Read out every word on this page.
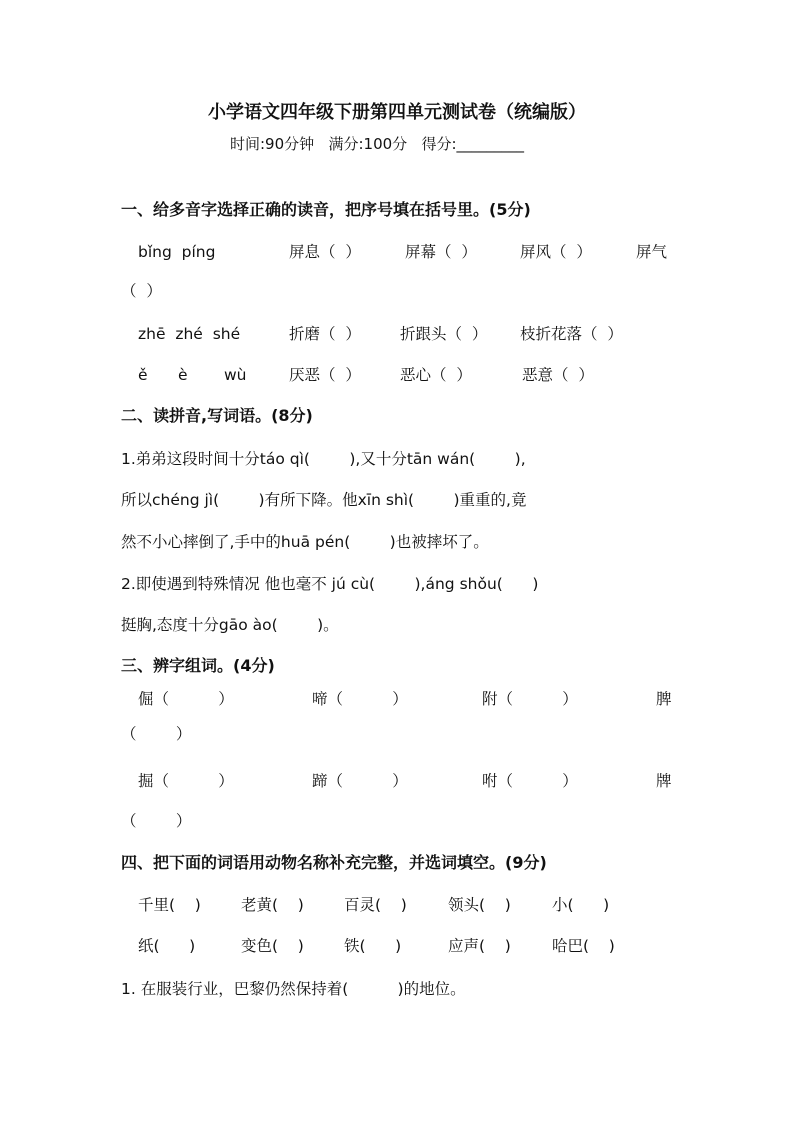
小学语文四年级下册第四单元测试卷（统编版）
时间:90分钟 满分:100分 得分:_________
一、给多音字选择正确的读音，把序号填在括号里。(5分)
bǐng  píng	屏息（  ）	屏幕（  ）	屏风（  ）	屏气
（  ）
zhē  zhé  shé	折磨（  ）	折跟头（  ） 枝折花落（  ）
ě è wù	厌恶（  ）	恶心（  ）	恶意（  ）
二、读拼音,写词语。(8分)
1.弟弟这段时间十分táo qì(        ),又十分tān wán(        ),
所以chéng jì(        )有所下降。他xīn shì(        )重重的,竟
然不小心摔倒了,手中的huā pén(        )也被摔坏了。
2.即使遇到特殊情况 他也毫不 jú cù(        ),áng shǒu(      )
挺胸,态度十分gāo ào(        )。
三、辨字组词。(4分)
倔（          ）	啼（          ）	附（          ）	脾
（        ）
掘（          ）	蹄（          ）	咐（          ）	牌
（        ）
四、把下面的词语用动物名称补充完整，并选词填空。(9分)
千里(    )	老黄(    )	百灵(    )	领头(    )	小(      )
纸(      )	变色(    )	铁(      )	应声(    )	哈巴(    )
1. 在服装行业，巴黎仍然保持着(          )的地位。
